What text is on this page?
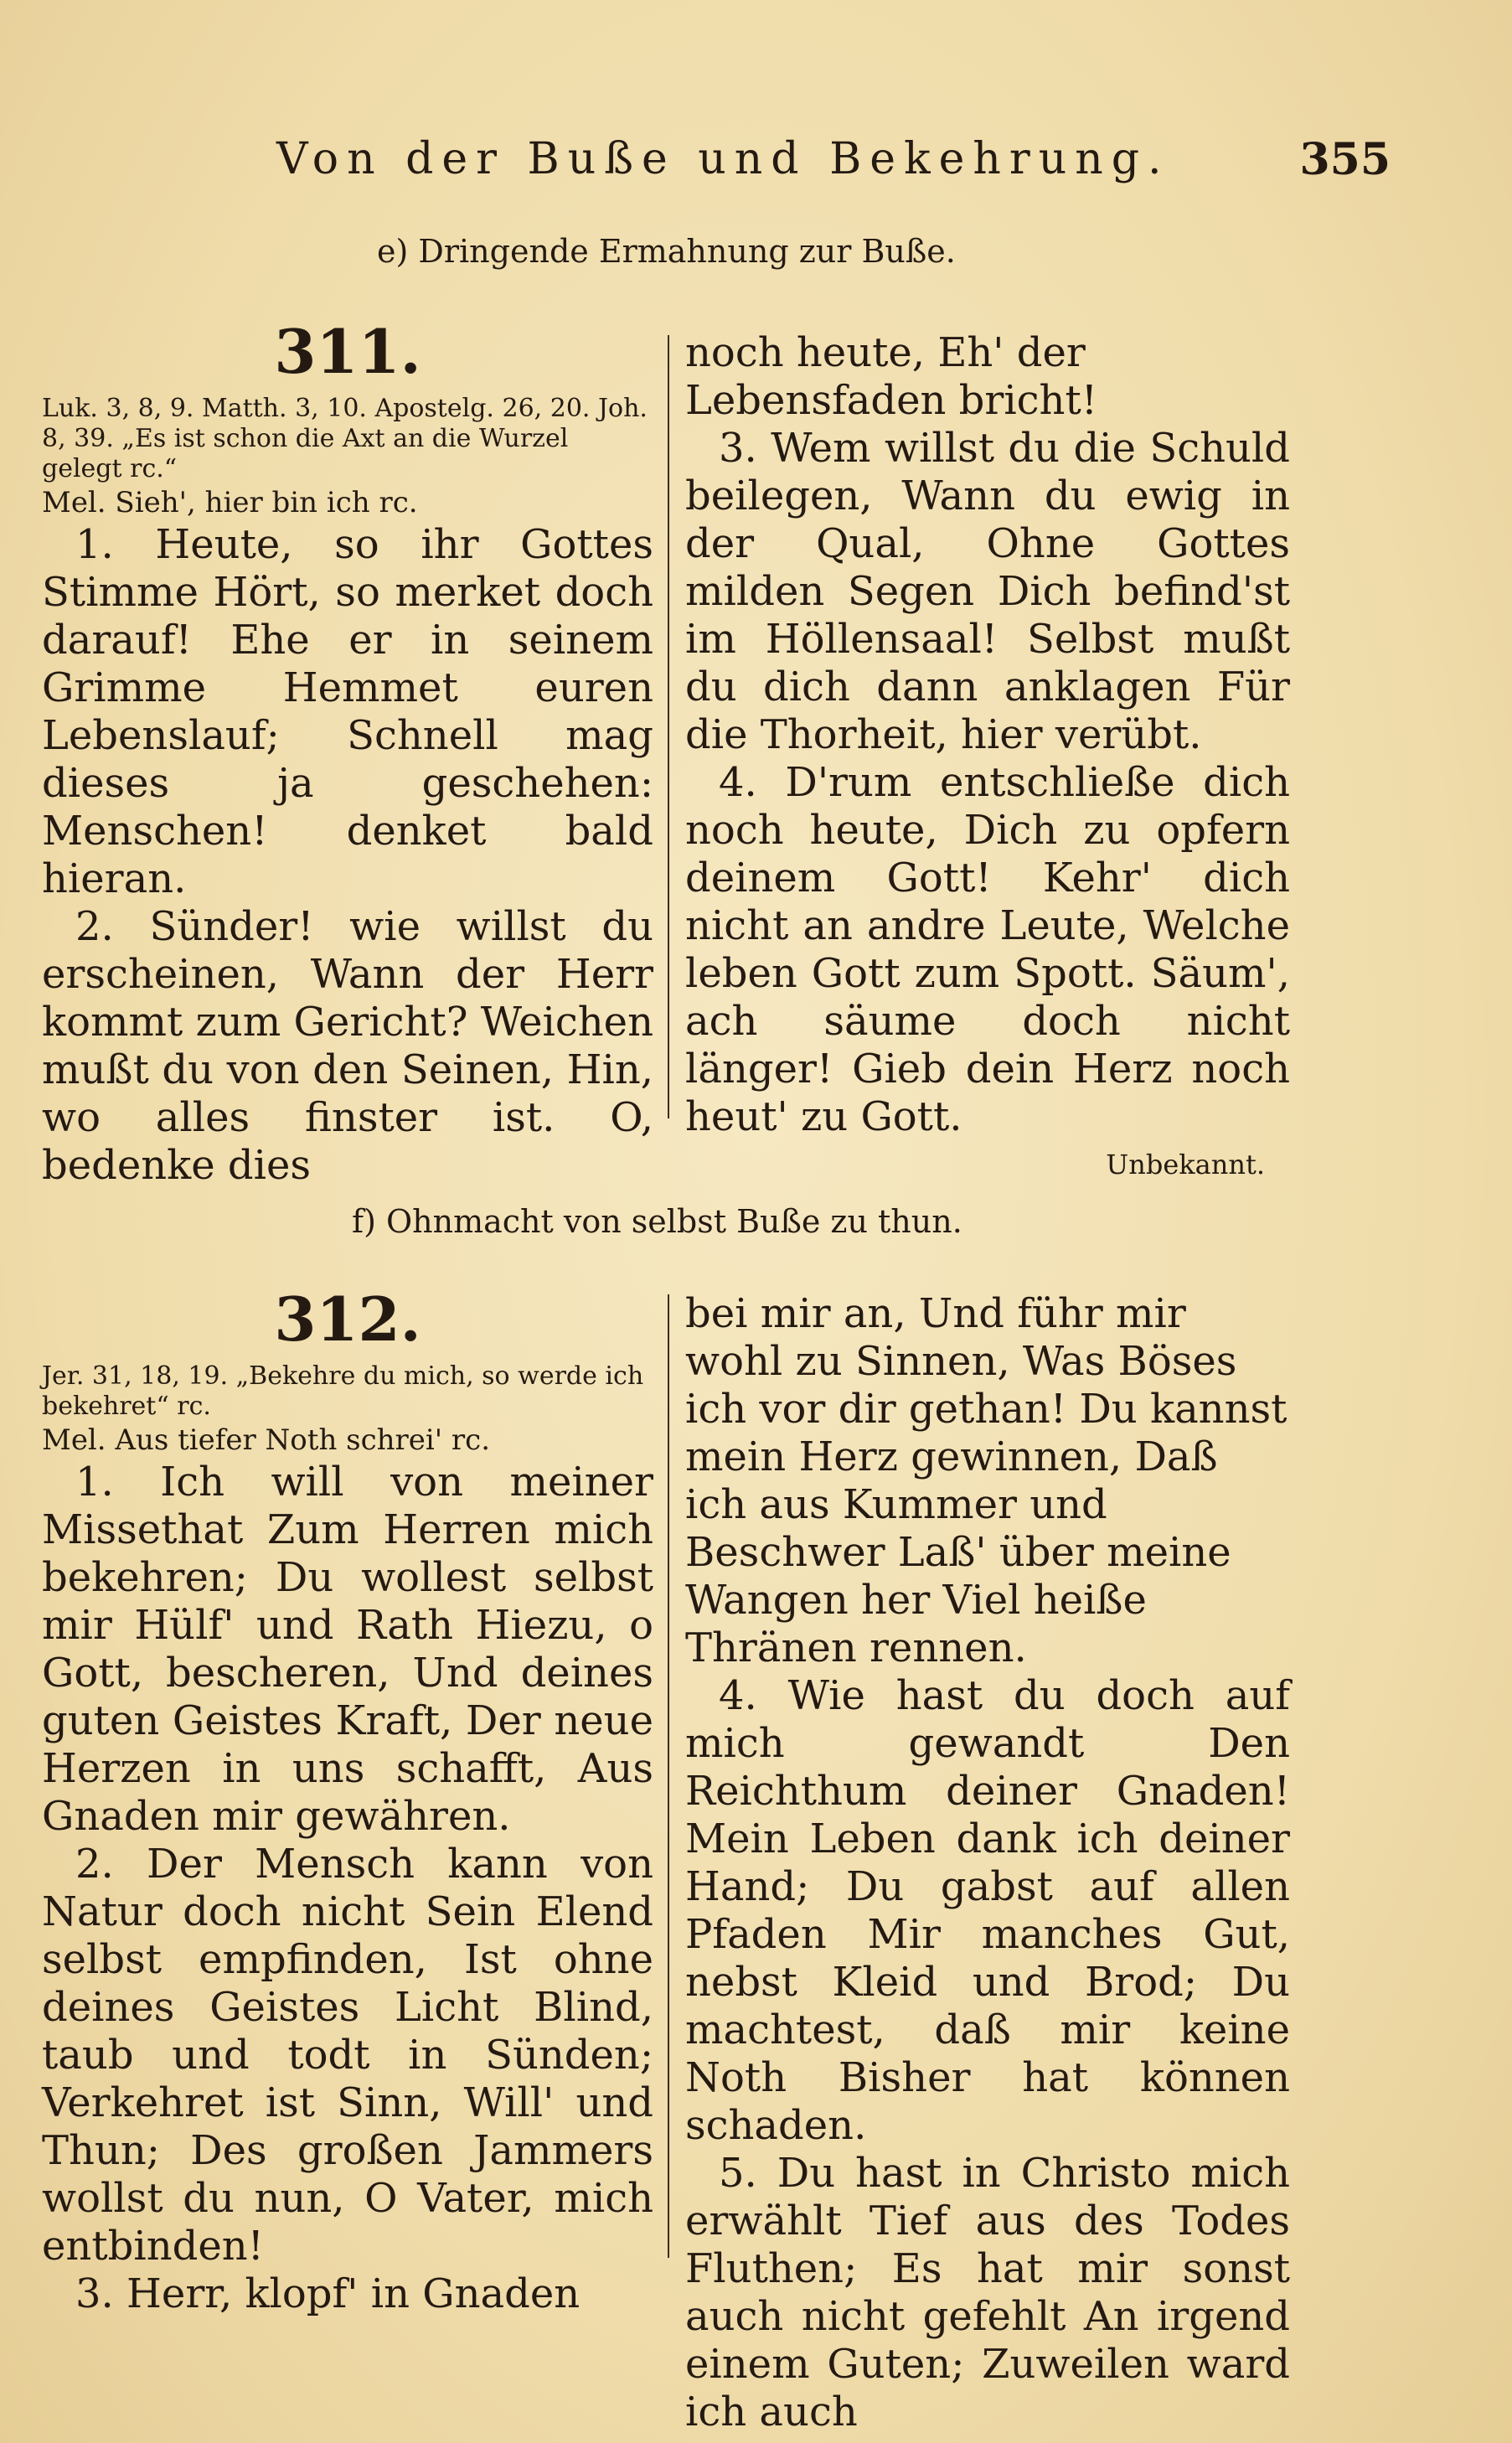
Von der Buße und Bekehrung.	355
e) Dringende Ermahnung zur Buße.
311.

Luk. 3, 8, 9. Matth. 3, 10. Apostelg. 26, 20. Joh. 8, 39. „Es ist schon die Axt an die Wurzel gelegt rc.“

Mel. Sieh', hier bin ich rc.

1. Heute, so ihr Gottes Stimme Hört, so merket doch darauf! Ehe er in seinem Grimme Hemmet euren Lebenslauf; Schnell mag dieses ja geschehen: Menschen! denket bald hieran.

2. Sünder! wie willst du erscheinen, Wann der Herr kommt zum Gericht? Weichen mußt du von den Seinen, Hin, wo alles finster ist. O, bedenke dies

noch heute, Eh' der Lebensfaden bricht!

3. Wem willst du die Schuld beilegen, Wann du ewig in der Qual, Ohne Gottes milden Segen Dich befind'st im Höllensaal! Selbst mußt du dich dann anklagen Für die Thorheit, hier verübt.

4. D'rum entschließe dich noch heute, Dich zu opfern deinem Gott! Kehr' dich nicht an andre Leute, Welche leben Gott zum Spott. Säum', ach säume doch nicht länger! Gieb dein Herz noch heut' zu Gott.

Unbekannt.

f) Ohnmacht von selbst Buße zu thun.
312.

Jer. 31, 18, 19. „Bekehre du mich, so werde ich bekehret“ rc.

Mel. Aus tiefer Noth schrei' rc.

1. Ich will von meiner Missethat Zum Herren mich bekehren; Du wollest selbst mir Hülf' und Rath Hiezu, o Gott, bescheren, Und deines guten Geistes Kraft, Der neue Herzen in uns schafft, Aus Gnaden mir gewähren.

2. Der Mensch kann von Natur doch nicht Sein Elend selbst empfinden, Ist ohne deines Geistes Licht Blind, taub und todt in Sünden; Verkehret ist Sinn, Will' und Thun; Des großen Jammers wollst du nun, O Vater, mich entbinden!

3. Herr, klopf' in Gnaden

bei mir an, Und führ mir wohl zu Sinnen, Was Böses ich vor dir gethan! Du kannst mein Herz gewinnen, Daß ich aus Kummer und Beschwer Laß' über meine Wangen her Viel heiße Thränen rennen.

4. Wie hast du doch auf mich gewandt Den Reichthum deiner Gnaden! Mein Leben dank ich deiner Hand; Du gabst auf allen Pfaden Mir manches Gut, nebst Kleid und Brod; Du machtest, daß mir keine Noth Bisher hat können schaden.

5. Du hast in Christo mich erwählt Tief aus des Todes Fluthen; Es hat mir sonst auch nicht gefehlt An irgend einem Guten; Zuweilen ward ich auch
